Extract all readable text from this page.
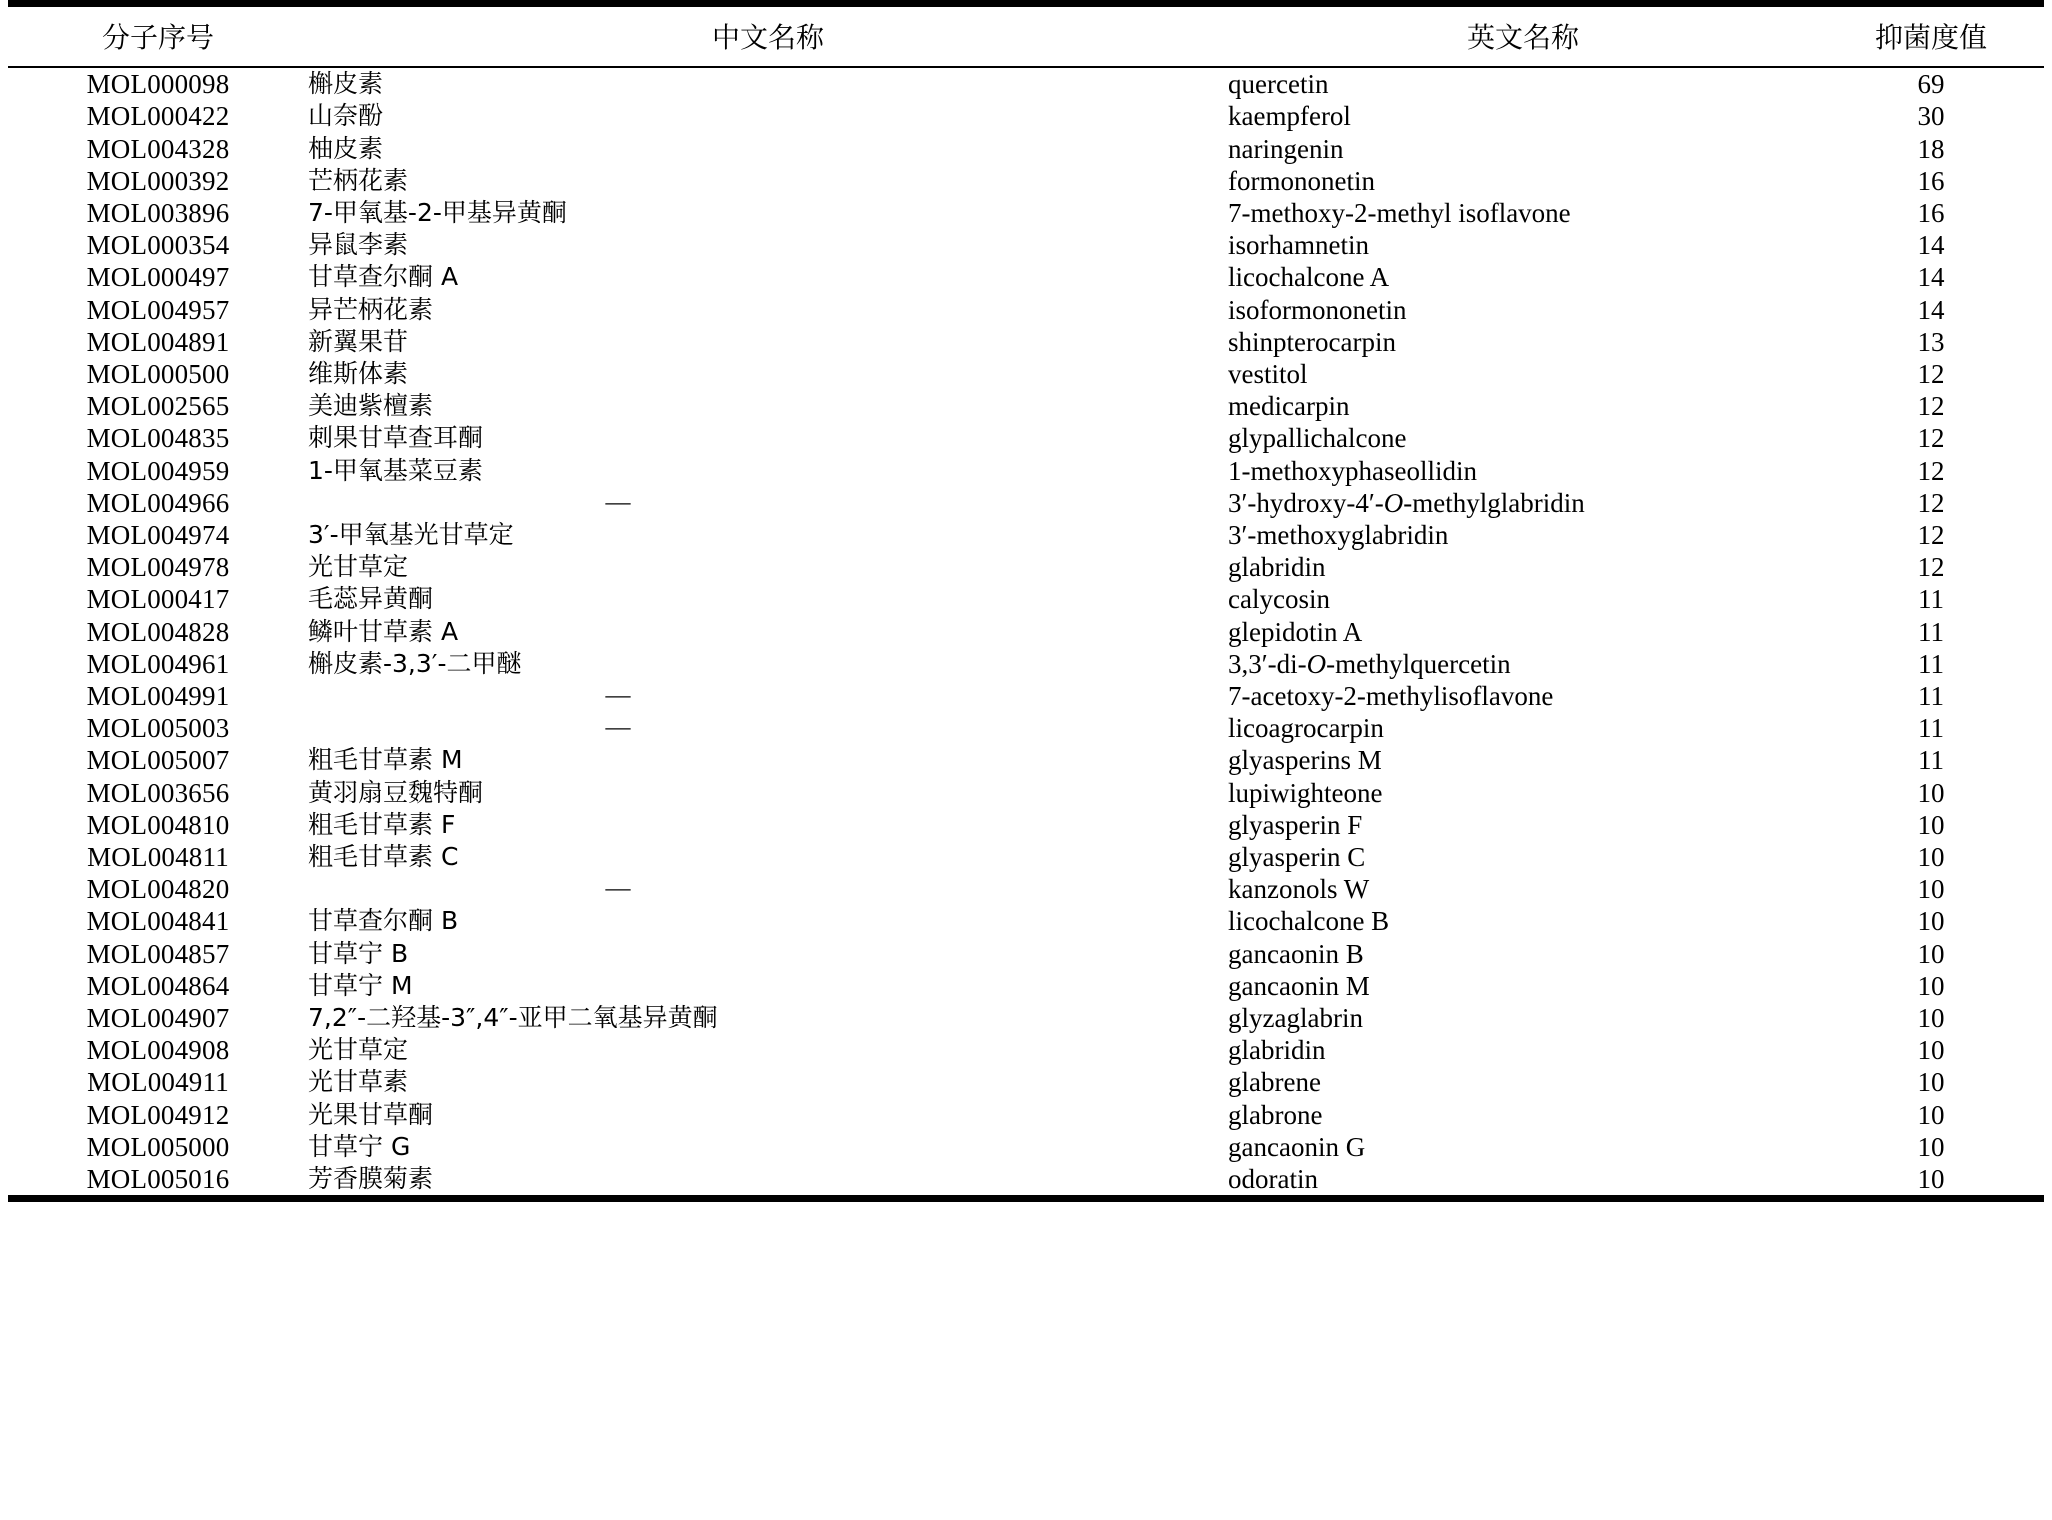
分子序号	中文名称	英文名称	抑菌度值
MOL000098	槲皮素	quercetin	69
MOL000422	山奈酚	kaempferol	30
MOL004328	柚皮素	naringenin	18
MOL000392	芒柄花素	formononetin	16
MOL003896	7-甲氧基-2-甲基异黄酮	7-methoxy-2-methyl isoflavone	16
MOL000354	异鼠李素	isorhamnetin	14
MOL000497	甘草查尔酮 A	licochalcone A	14
MOL004957	异芒柄花素	isoformononetin	14
MOL004891	新翼果苷	shinpterocarpin	13
MOL000500	维斯体素	vestitol	12
MOL002565	美迪紫檀素	medicarpin	12
MOL004835	刺果甘草查耳酮	glypallichalcone	12
MOL004959	1-甲氧基菜豆素	1-methoxyphaseollidin	12
MOL004966	—	3′-hydroxy-4′-O-methylglabridin	12
MOL004974	3′-甲氧基光甘草定	3′-methoxyglabridin	12
MOL004978	光甘草定	glabridin	12
MOL000417	毛蕊异黄酮	calycosin	11
MOL004828	鳞叶甘草素 A	glepidotin A	11
MOL004961	槲皮素-3,3′-二甲醚	3,3′-di-O-methylquercetin	11
MOL004991	—	7-acetoxy-2-methylisoflavone	11
MOL005003	—	licoagrocarpin	11
MOL005007	粗毛甘草素 M	glyasperins M	11
MOL003656	黄羽扇豆魏特酮	lupiwighteone	10
MOL004810	粗毛甘草素 F	glyasperin F	10
MOL004811	粗毛甘草素 C	glyasperin C	10
MOL004820	—	kanzonols W	10
MOL004841	甘草查尔酮 B	licochalcone B	10
MOL004857	甘草宁 B	gancaonin B	10
MOL004864	甘草宁 M	gancaonin M	10
MOL004907	7,2″-二羟基-3″,4″-亚甲二氧基异黄酮	glyzaglabrin	10
MOL004908	光甘草定	glabridin	10
MOL004911	光甘草素	glabrene	10
MOL004912	光果甘草酮	glabrone	10
MOL005000	甘草宁 G	gancaonin G	10
MOL005016	芳香膜菊素	odoratin	10
